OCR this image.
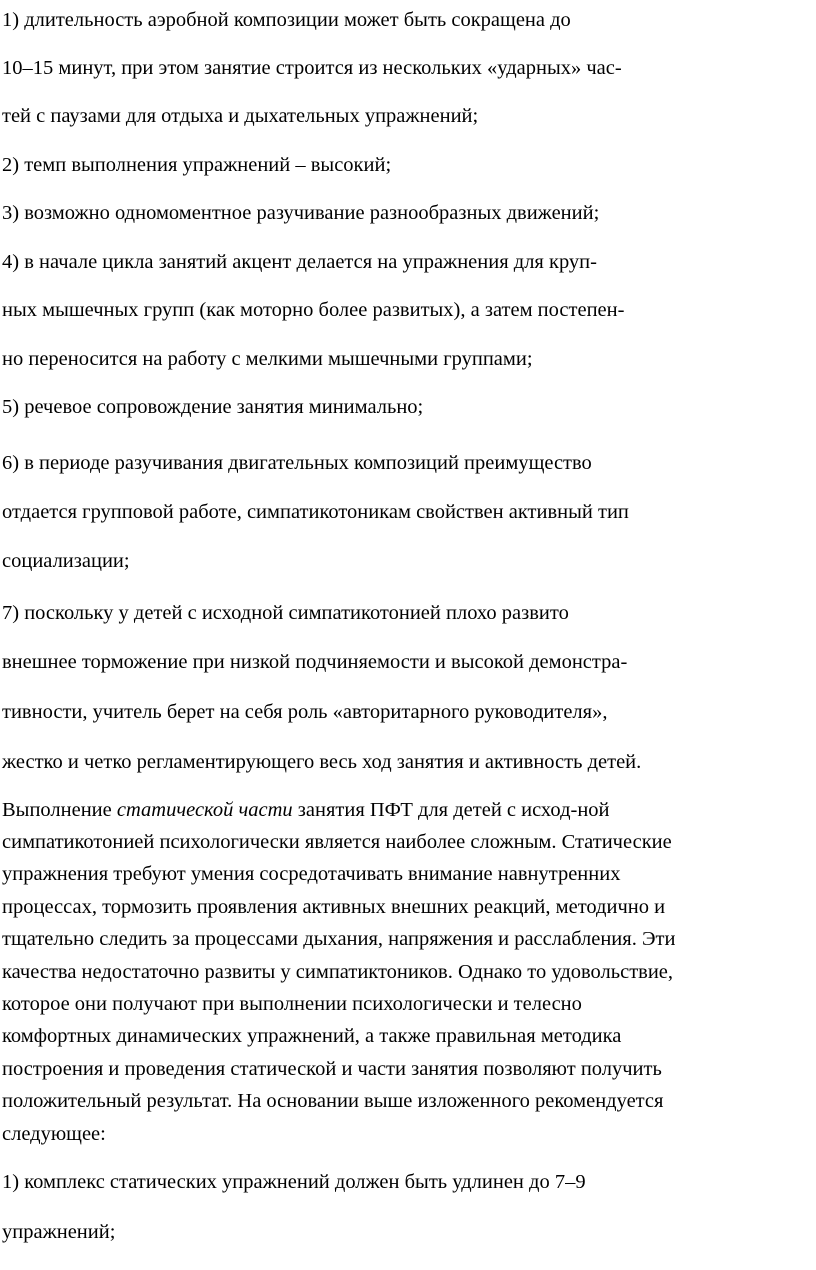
1) длительность аэробной композиции может быть сокращена до
10–15 минут, при этом занятие строится из нескольких «ударных» час-
тей с паузами для отдыха и дыхательных упражнений;
2) темп выполнения упражнений – высокий;
3) возможно одномоментное разучивание разнообразных движений;
4) в начале цикла занятий акцент делается на упражнения для круп-
ных мышечных групп (как моторно более развитых), а затем постепен-
но переносится на работу с мелкими мышечными группами;
5) речевое сопровождение занятия минимально;
6) в периоде разучивания двигательных композиций преимущество
отдается групповой работе, симпатикотоникам свойствен активный тип
социализации;
7) поскольку у детей с исходной симпатикотонией плохо развито
внешнее торможение при низкой подчиняемости и высокой демонстра-
тивности, учитель берет на себя роль «авторитарного руководителя»,
жестко и четко регламентирующего весь ход занятия и активность детей.
Выполнение статической части занятия ПФТ для детей с исход-ной
симпатикотонией психологически является наиболее сложным. Статические
упражнения требуют умения сосредотачивать внимание навнутренних
процессах, тормозить проявления активных внешних реакций, методично и
тщательно следить за процессами дыхания, напряжения и расслабления. Эти
качества недостаточно развиты у симпатиктоников. Однако то удовольствие,
которое они получают при выполнении психологически и телесно
комфортных динамических упражнений, а также правильная методика
построения и проведения статической и части занятия позволяют получить
положительный результат. На основании выше изложенного рекомендуется
следующее:
1) комплекс статических упражнений должен быть удлинен до 7–9
упражнений;
